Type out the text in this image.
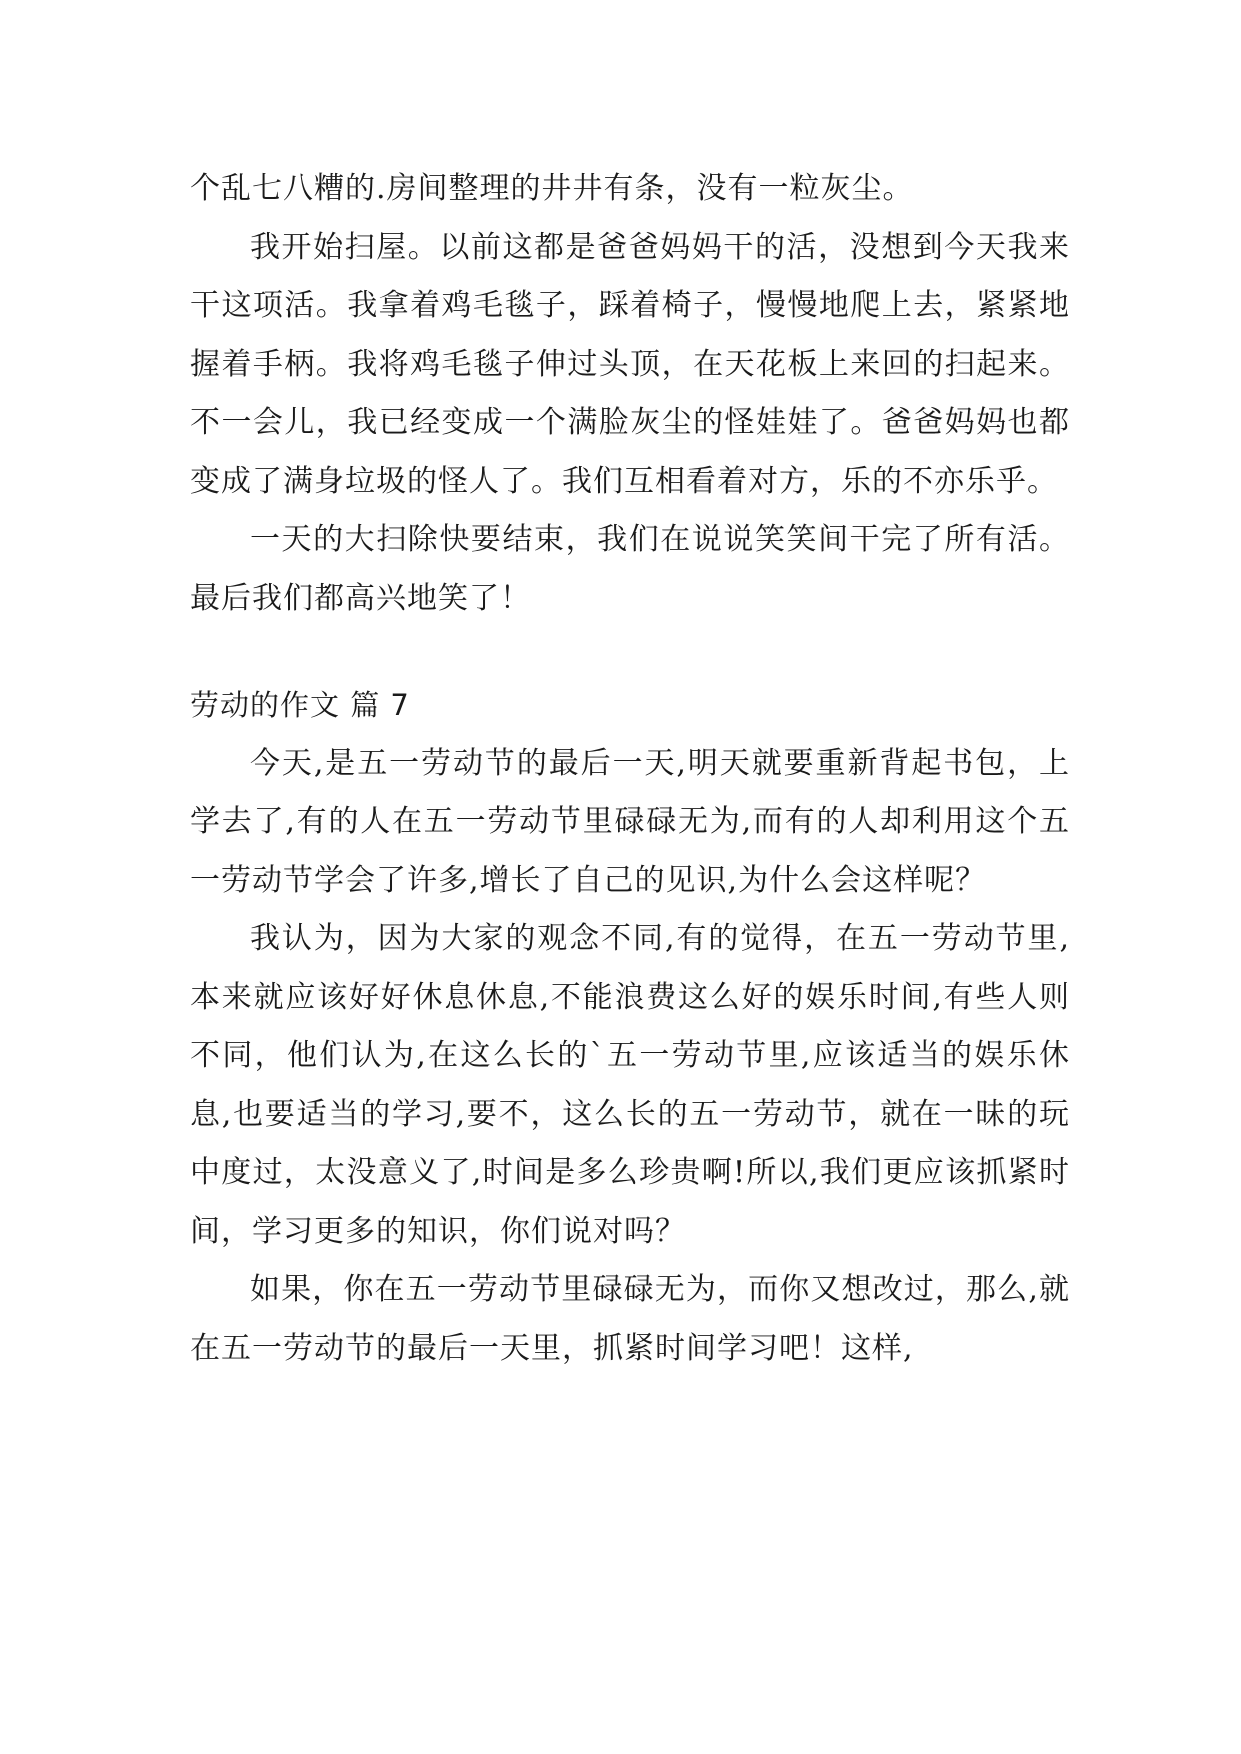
个乱七八糟的.房间整理的井井有条，没有一粒灰尘。

我开始扫屋。以前这都是爸爸妈妈干的活，没想到今天我来干这项活。我拿着鸡毛毯子，踩着椅子，慢慢地爬上去，紧紧地握着手柄。我将鸡毛毯子伸过头顶，在天花板上来回的扫起来。不一会儿，我已经变成一个满脸灰尘的怪娃娃了。爸爸妈妈也都变成了满身垃圾的怪人了。我们互相看着对方，乐的不亦乐乎。

一天的大扫除快要结束，我们在说说笑笑间干完了所有活。最后我们都高兴地笑了！

劳动的作文 篇 7

今天,是五一劳动节的最后一天,明天就要重新背起书包，上学去了,有的人在五一劳动节里碌碌无为,而有的人却利用这个五一劳动节学会了许多,增长了自己的见识,为什么会这样呢？

我认为，因为大家的观念不同,有的觉得，在五一劳动节里,本来就应该好好休息休息,不能浪费这么好的娱乐时间,有些人则不同，他们认为,在这么长的`五一劳动节里,应该适当的娱乐休息,也要适当的学习,要不，这么长的五一劳动节，就在一昧的玩中度过，太没意义了,时间是多么珍贵啊!所以,我们更应该抓紧时间，学习更多的知识，你们说对吗？

如果，你在五一劳动节里碌碌无为，而你又想改过，那么,就在五一劳动节的最后一天里，抓紧时间学习吧！这样,
